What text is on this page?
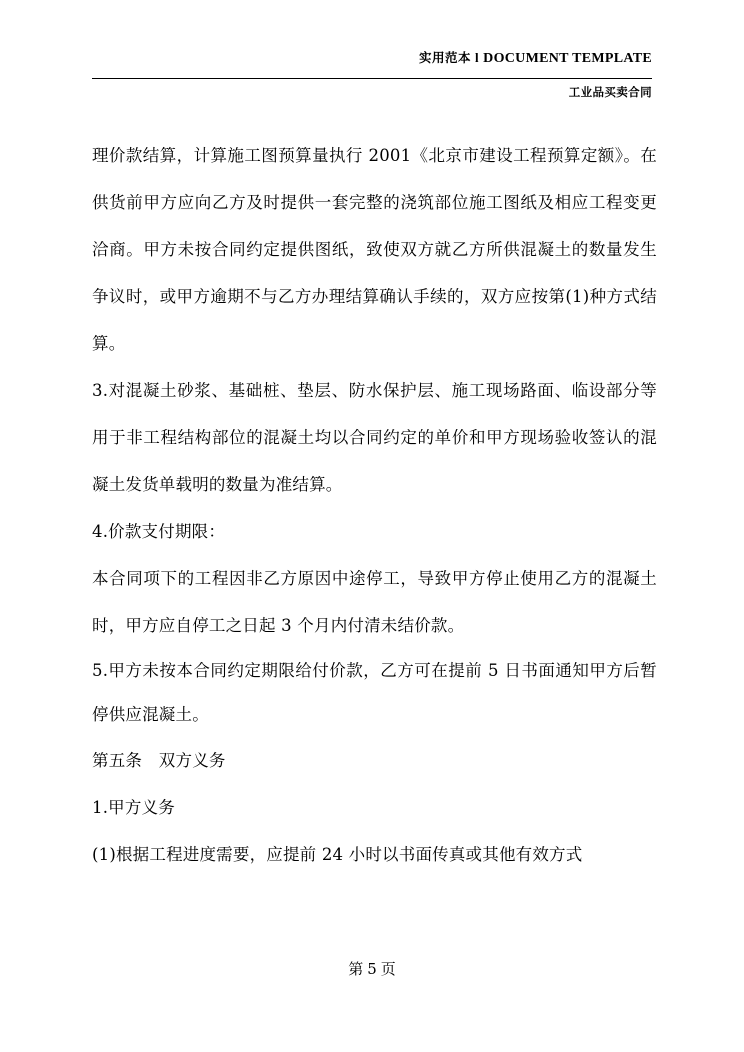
实用范本 l DOCUMENT TEMPLATE
工业品买卖合同

理价款结算，计算施工图预算量执行 2001《北京市建设工程预算定额》。在供货前甲方应向乙方及时提供一套完整的浇筑部位施工图纸及相应工程变更洽商。甲方未按合同约定提供图纸，致使双方就乙方所供混凝土的数量发生争议时，或甲方逾期不与乙方办理结算确认手续的，双方应按第(1)种方式结算。

3.对混凝土砂浆、基础桩、垫层、防水保护层、施工现场路面、临设部分等用于非工程结构部位的混凝土均以合同约定的单价和甲方现场验收签认的混凝土发货单载明的数量为准结算。

4.价款支付期限：

本合同项下的工程因非乙方原因中途停工，导致甲方停止使用乙方的混凝土时，甲方应自停工之日起 3 个月内付清未结价款。

5.甲方未按本合同约定期限给付价款，乙方可在提前 5 日书面通知甲方后暂停供应混凝土。

第五条　双方义务

1.甲方义务

(1)根据工程进度需要，应提前 24 小时以书面传真或其他有效方式

第 5 页
